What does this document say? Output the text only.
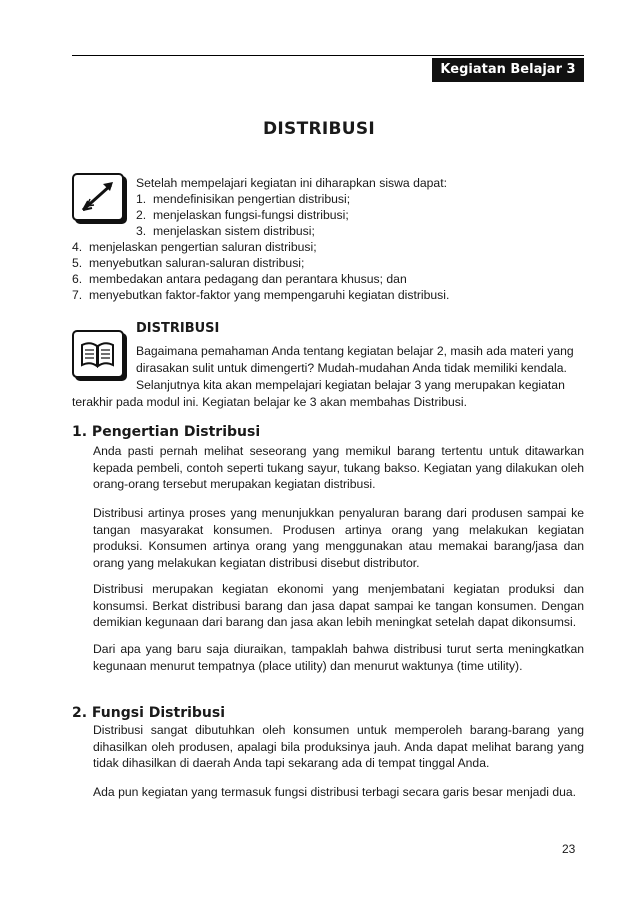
Kegiatan Belajar 3
DISTRIBUSI
Setelah mempelajari kegiatan ini diharapkan siswa dapat:
1. mendefinisikan pengertian distribusi;
2. menjelaskan fungsi-fungsi distribusi;
3. menjelaskan sistem distribusi;
4. menjelaskan pengertian saluran distribusi;
5. menyebutkan saluran-saluran distribusi;
6. membedakan antara pedagang dan perantara khusus; dan
7. menyebutkan faktor-faktor yang mempengaruhi kegiatan distribusi.
DISTRIBUSI
Bagaimana pemahaman Anda tentang kegiatan belajar 2, masih ada materi yang
dirasakan sulit untuk dimengerti? Mudah-mudahan Anda tidak memiliki kendala.
Selanjutnya kita akan mempelajari kegiatan belajar 3 yang merupakan kegiatan
terakhir pada modul ini. Kegiatan belajar ke 3 akan membahas Distribusi.
1. Pengertian Distribusi
Anda pasti pernah melihat seseorang yang memikul barang tertentu untuk ditawarkan kepada pembeli, contoh seperti tukang sayur, tukang bakso. Kegiatan yang dilakukan oleh orang-orang tersebut merupakan kegiatan distribusi.
Distribusi artinya proses yang menunjukkan penyaluran barang dari produsen sampai ke tangan masyarakat konsumen. Produsen artinya orang yang melakukan kegiatan produksi. Konsumen artinya orang yang menggunakan atau memakai barang/jasa dan orang yang melakukan kegiatan distribusi disebut distributor.
Distribusi merupakan kegiatan ekonomi yang menjembatani kegiatan produksi dan konsumsi. Berkat distribusi barang dan jasa dapat sampai ke tangan konsumen. Dengan demikian kegunaan dari barang dan jasa akan lebih meningkat setelah dapat dikonsumsi.
Dari apa yang baru saja diuraikan, tampaklah bahwa distribusi turut serta meningkatkan kegunaan menurut tempatnya (place utility) dan menurut waktunya (time utility).
2. Fungsi Distribusi
Distribusi sangat dibutuhkan oleh konsumen untuk memperoleh barang-barang yang dihasilkan oleh produsen, apalagi bila produksinya jauh. Anda dapat melihat barang yang tidak dihasilkan di daerah Anda tapi sekarang ada di tempat tinggal Anda.
Ada pun kegiatan yang termasuk fungsi distribusi terbagi secara garis besar menjadi dua.
23
